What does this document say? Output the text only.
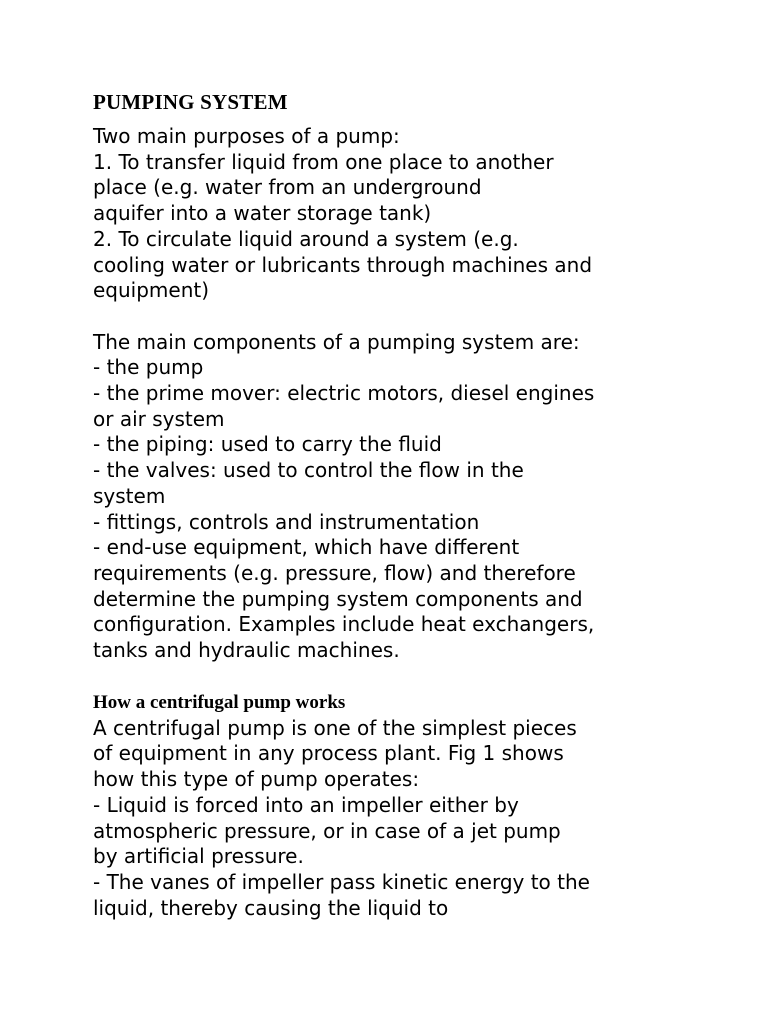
PUMPING SYSTEM
Two main purposes of a pump:
1. To transfer liquid from one place to another
place (e.g. water from an underground
aquifer into a water storage tank)
2. To circulate liquid around a system (e.g.
cooling water or lubricants through machines and
equipment)
The main components of a pumping system are:
- the pump
- the prime mover: electric motors, diesel engines
or air system
- the piping: used to carry the fluid
- the valves: used to control the flow in the
system
- fittings, controls and instrumentation
- end-use equipment, which have different
requirements (e.g. pressure, flow) and therefore
determine the pumping system components and
configuration. Examples include heat exchangers,
tanks and hydraulic machines.
How a centrifugal pump works
A centrifugal pump is one of the simplest pieces
of equipment in any process plant. Fig 1 shows
how this type of pump operates:
- Liquid is forced into an impeller either by
atmospheric pressure, or in case of a jet pump
by artificial pressure.
- The vanes of impeller pass kinetic energy to the
liquid, thereby causing the liquid to
